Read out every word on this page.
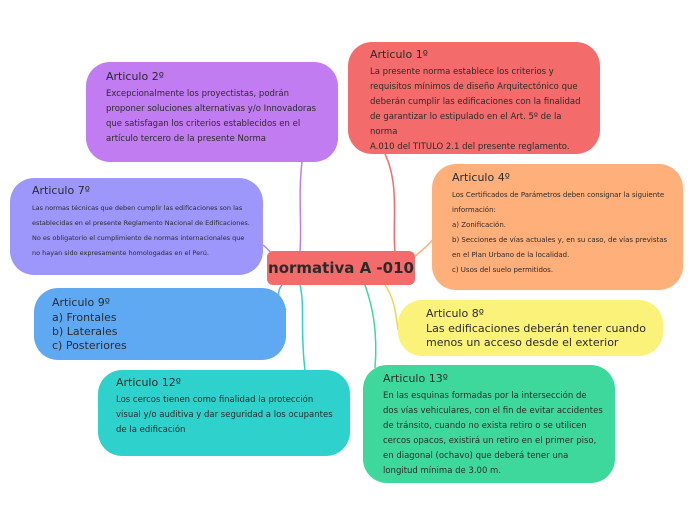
normativa A -010
Articulo 1º
La presente norma establece los criterios y
requisitos mínimos de diseño Arquitectónico que
deberán cumplir las edificaciones con la finalidad
de garantizar lo estipulado en el Art. 5º de la norma
A.010 del TITULO 2.1 del presente reglamento.
Articulo 2º
Excepcionalmente los proyectistas, podrán
proponer soluciones alternativas y/o Innovadoras
que satisfagan los criterios establecidos en el
artículo tercero de la presente Norma
Articulo 7º
Las normas técnicas que deben cumplir las edificaciones son las
establecidas en el presente Reglamento Nacional de Edificaciones.
No es obligatorio el cumplimiento de normas internacionales que
no hayan sido expresamente homologadas en el Perú.
Articulo 4º
Los Certificados de Parámetros deben consignar la siguiente
información:
a) Zonificación.
b) Secciones de vías actuales y, en su caso, de vías previstas
en el Plan Urbano de la localidad.
c) Usos del suelo permitidos.
Articulo 9º
a) Frontales
b) Laterales
c) Posteriores
Articulo 8º
Las edificaciones deberán tener cuando
menos un acceso desde el exterior
Articulo 13º
En las esquinas formadas por la intersección de
dos vías vehiculares, con el fin de evitar accidentes
de tránsito, cuando no exista retiro o se utilicen
cercos opacos, existirá un retiro en el primer piso,
en diagonal (ochavo) que deberá tener una
longitud mínima de 3.00 m.
Articulo 12º
Los cercos tienen como finalidad la protección
visual y/o auditiva y dar seguridad a los ocupantes
de la edificación
